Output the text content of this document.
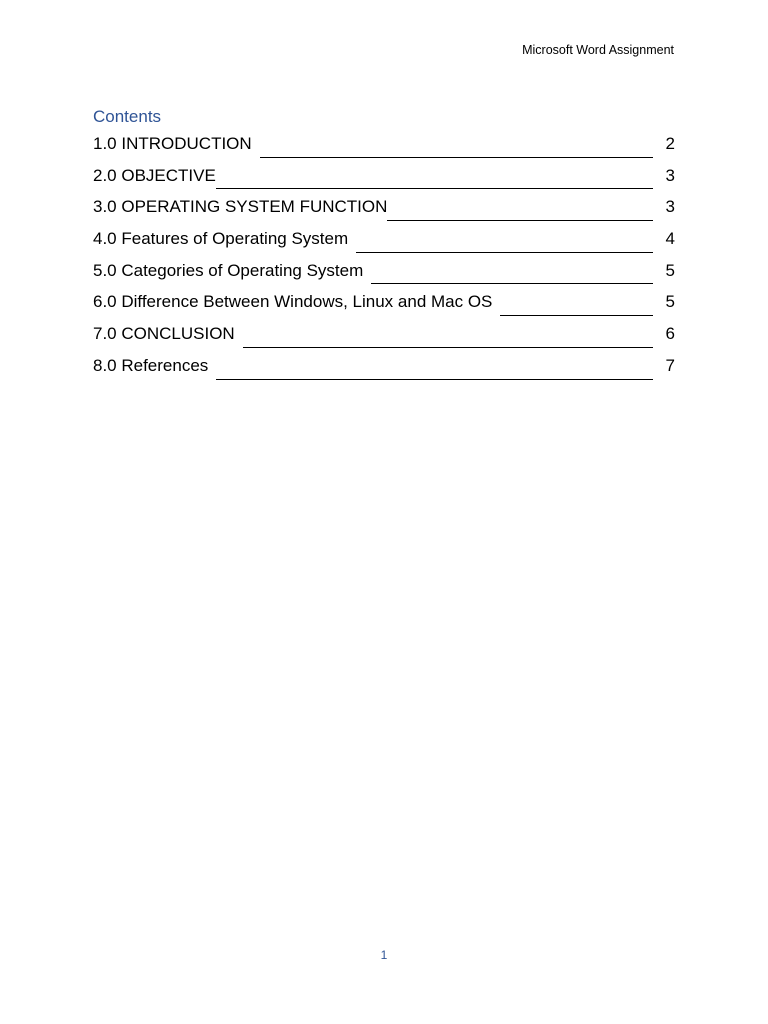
Microsoft Word Assignment
Contents
1.0 INTRODUCTION	2
2.0 OBJECTIVE	3
3.0 OPERATING SYSTEM FUNCTION	3
4.0 Features of Operating System	4
5.0 Categories of Operating System	5
6.0 Difference Between Windows, Linux and Mac OS	5
7.0 CONCLUSION	6
8.0 References	7
1
